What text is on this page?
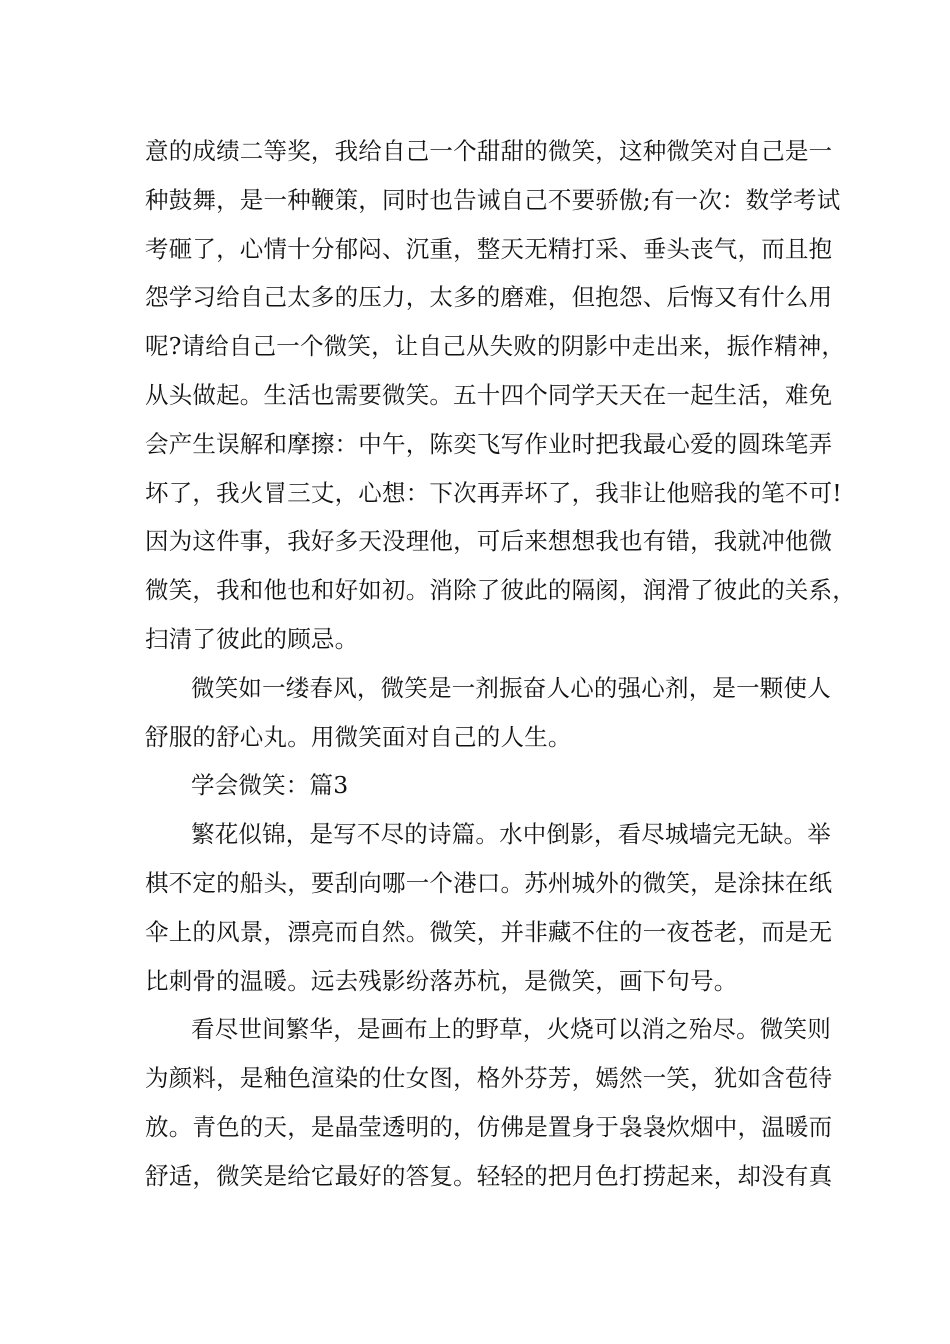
意的成绩二等奖，我给自己一个甜甜的微笑，这种微笑对自己是一
种鼓舞，是一种鞭策，同时也告诫自己不要骄傲;有一次：数学考试
考砸了，心情十分郁闷、沉重，整天无精打采、垂头丧气，而且抱
怨学习给自己太多的压力，太多的磨难，但抱怨、后悔又有什么用
呢?请给自己一个微笑，让自己从失败的阴影中走出来，振作精神，
从头做起。生活也需要微笑。五十四个同学天天在一起生活，难免
会产生误解和摩擦：中午，陈奕飞写作业时把我最心爱的圆珠笔弄
坏了，我火冒三丈，心想：下次再弄坏了，我非让他赔我的笔不可!
因为这件事，我好多天没理他，可后来想想我也有错，我就冲他微
微笑，我和他也和好如初。消除了彼此的隔阂，润滑了彼此的关系，
扫清了彼此的顾忌。
微笑如一缕春风，微笑是一剂振奋人心的强心剂，是一颗使人
舒服的舒心丸。用微笑面对自己的人生。
学会微笑：篇3
繁花似锦，是写不尽的诗篇。水中倒影，看尽城墙完无缺。举
棋不定的船头，要刮向哪一个港口。苏州城外的微笑，是涂抹在纸
伞上的风景，漂亮而自然。微笑，并非藏不住的一夜苍老，而是无
比刺骨的温暖。远去残影纷落苏杭，是微笑，画下句号。
看尽世间繁华，是画布上的野草，火烧可以消之殆尽。微笑则
为颜料，是釉色渲染的仕女图，格外芬芳，嫣然一笑，犹如含苞待
放。青色的天，是晶莹透明的，仿佛是置身于袅袅炊烟中，温暖而
舒适，微笑是给它最好的答复。轻轻的把月色打捞起来，却没有真
